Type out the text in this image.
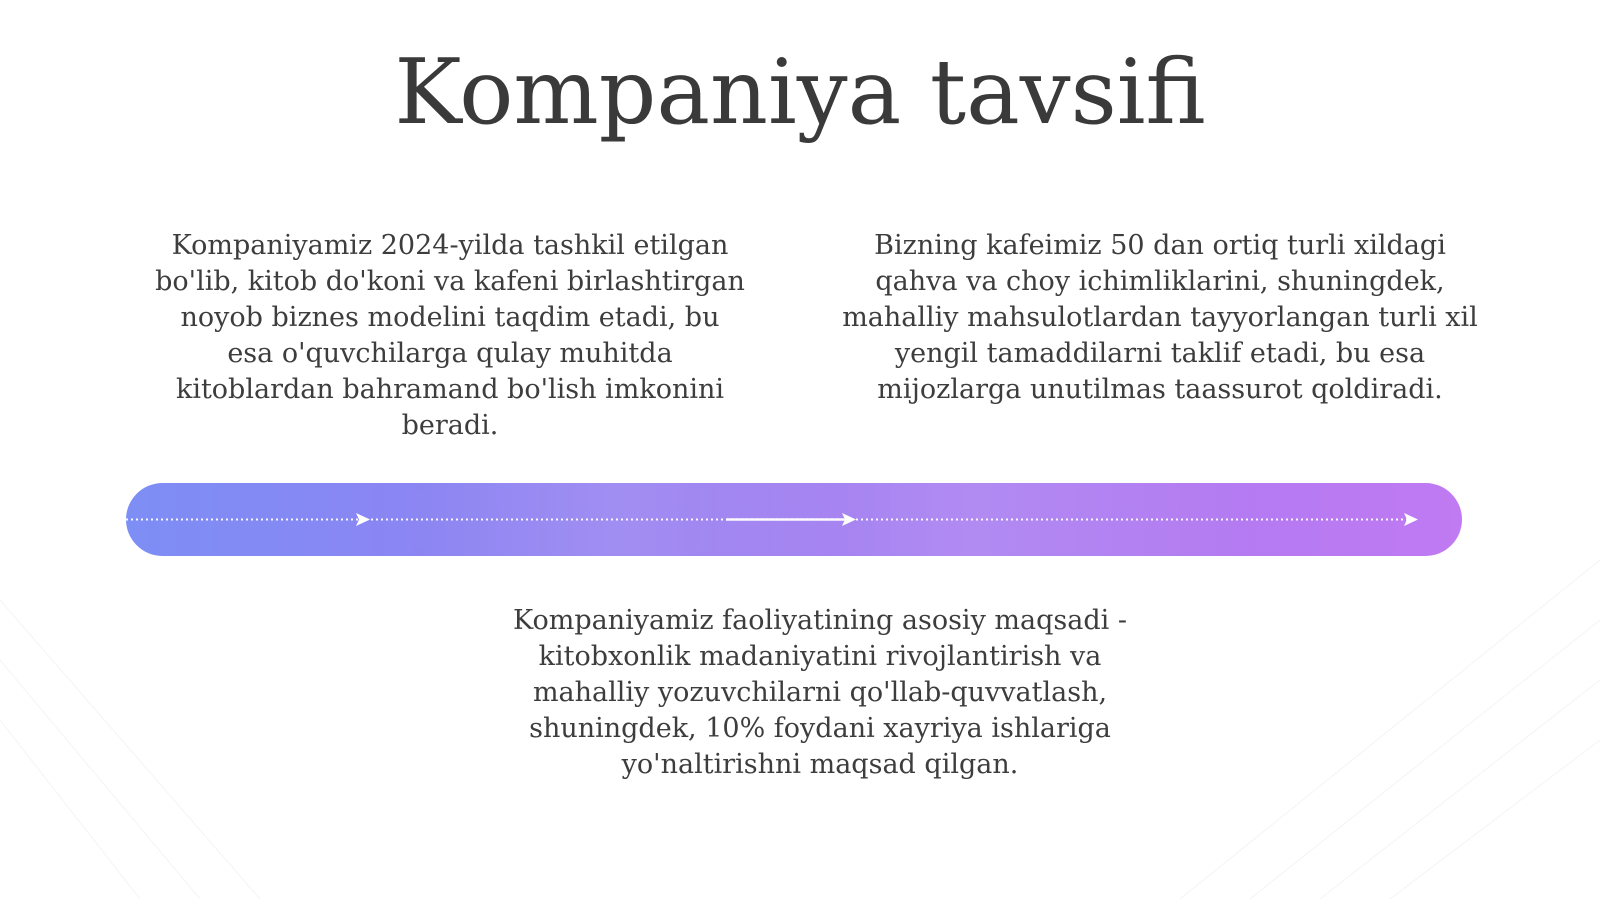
Kompaniya tavsifi

Kompaniyamiz 2024-yilda tashkil etilgan bo'lib, kitob do'koni va kafeni birlashtirgan noyob biznes modelini taqdim etadi, bu esa o'quvchilarga qulay muhitda kitoblardan bahramand bo'lish imkonini beradi.

Bizning kafeimiz 50 dan ortiq turli xildagi qahva va choy ichimliklarini, shuningdek, mahalliy mahsulotlardan tayyorlangan turli xil yengil tamaddilarni taklif etadi, bu esa mijozlarga unutilmas taassurot qoldiradi.

Kompaniyamiz faoliyatining asosiy maqsadi - kitobxonlik madaniyatini rivojlantirish va mahalliy yozuvchilarni qo'llab-quvvatlash, shuningdek, 10% foydani xayriya ishlariga yo'naltirishni maqsad qilgan.
